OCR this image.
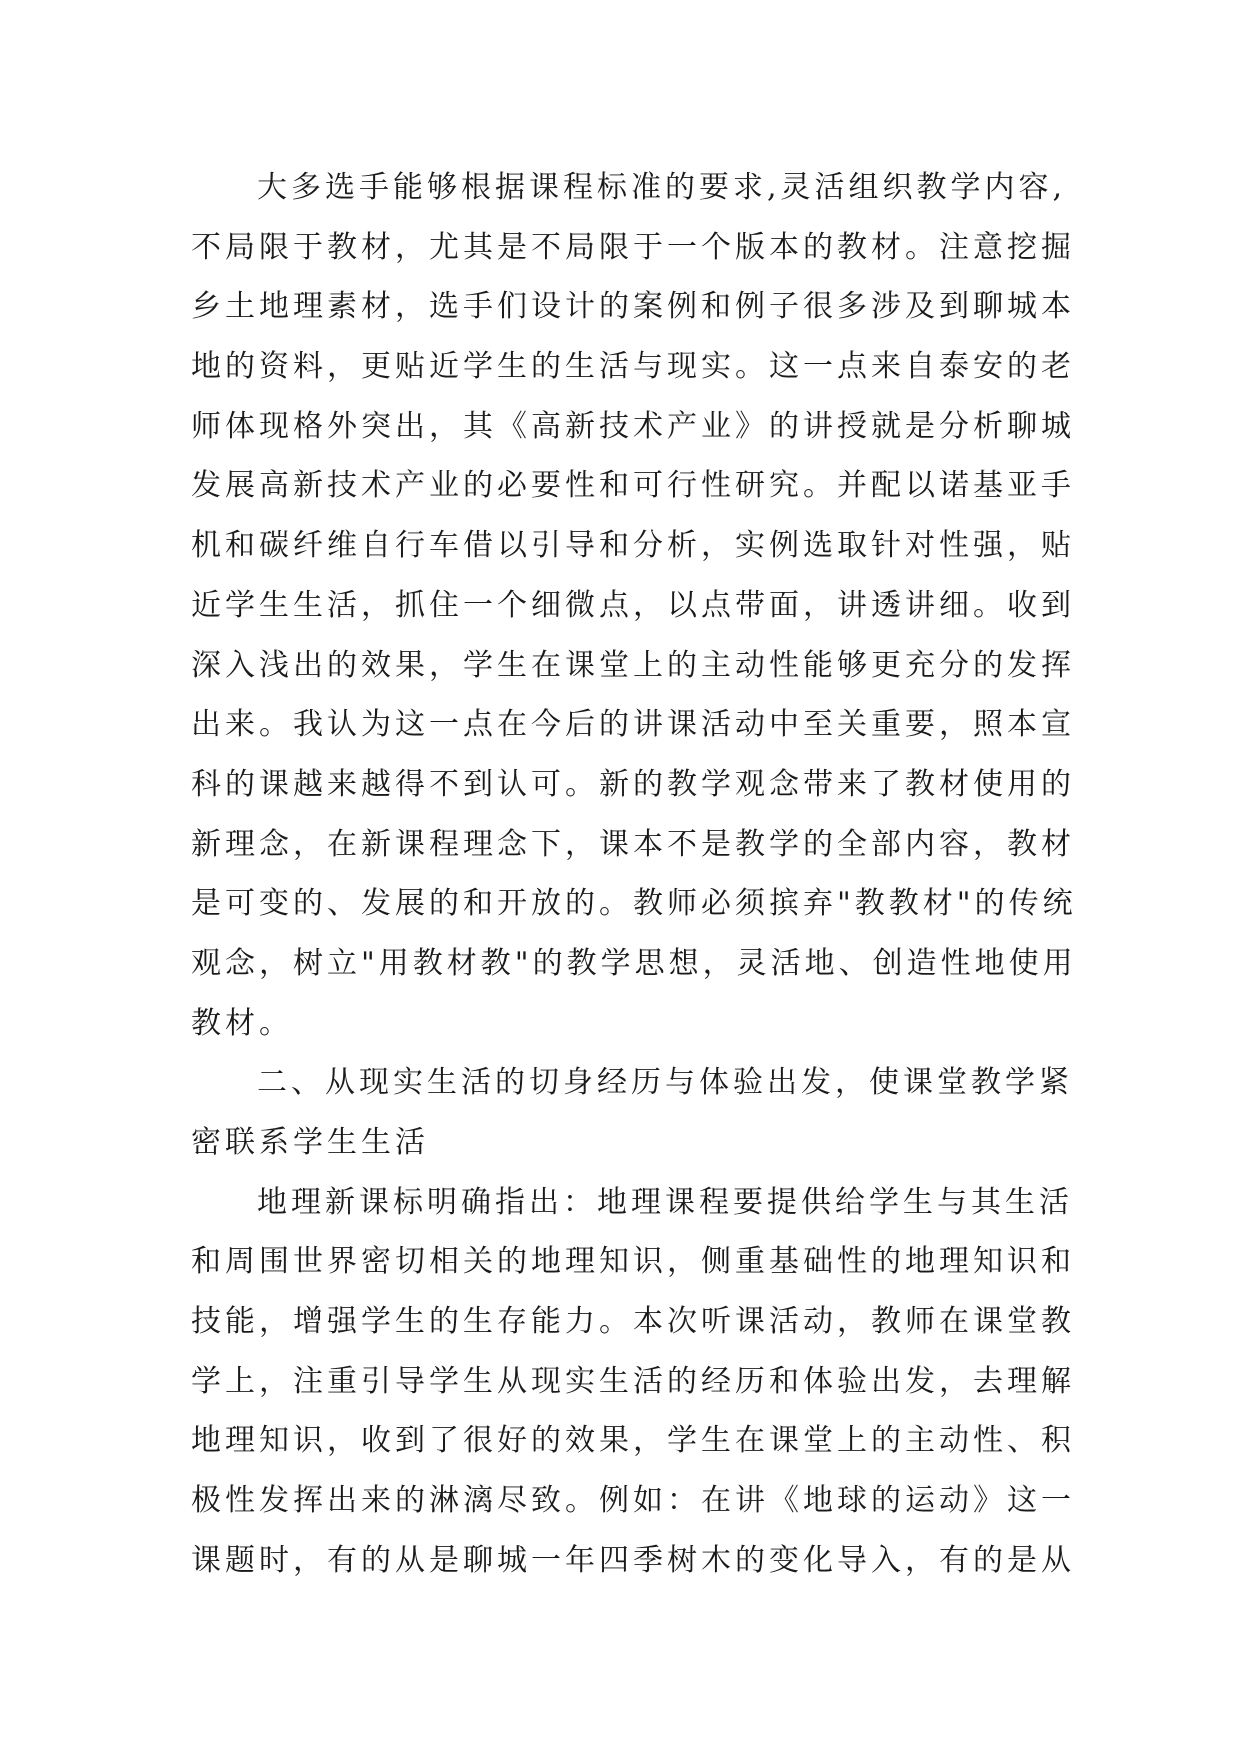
大多选手能够根据课程标准的要求,灵活组织教学内容,
不局限于教材，尤其是不局限于一个版本的教材。注意挖掘
乡土地理素材，选手们设计的案例和例子很多涉及到聊城本
地的资料，更贴近学生的生活与现实。这一点来自泰安的老
师体现格外突出，其《高新技术产业》的讲授就是分析聊城
发展高新技术产业的必要性和可行性研究。并配以诺基亚手
机和碳纤维自行车借以引导和分析，实例选取针对性强，贴
近学生生活，抓住一个细微点，以点带面，讲透讲细。收到
深入浅出的效果，学生在课堂上的主动性能够更充分的发挥
出来。我认为这一点在今后的讲课活动中至关重要，照本宣
科的课越来越得不到认可。新的教学观念带来了教材使用的
新理念，在新课程理念下，课本不是教学的全部内容，教材
是可变的、发展的和开放的。教师必须摈弃"教教材"的传统
观念，树立"用教材教"的教学思想，灵活地、创造性地使用
教材。
二、从现实生活的切身经历与体验出发，使课堂教学紧
密联系学生生活
地理新课标明确指出：地理课程要提供给学生与其生活
和周围世界密切相关的地理知识，侧重基础性的地理知识和
技能，增强学生的生存能力。本次听课活动，教师在课堂教
学上，注重引导学生从现实生活的经历和体验出发，去理解
地理知识，收到了很好的效果，学生在课堂上的主动性、积
极性发挥出来的淋漓尽致。例如：在讲《地球的运动》这一
课题时，有的从是聊城一年四季树木的变化导入，有的是从
